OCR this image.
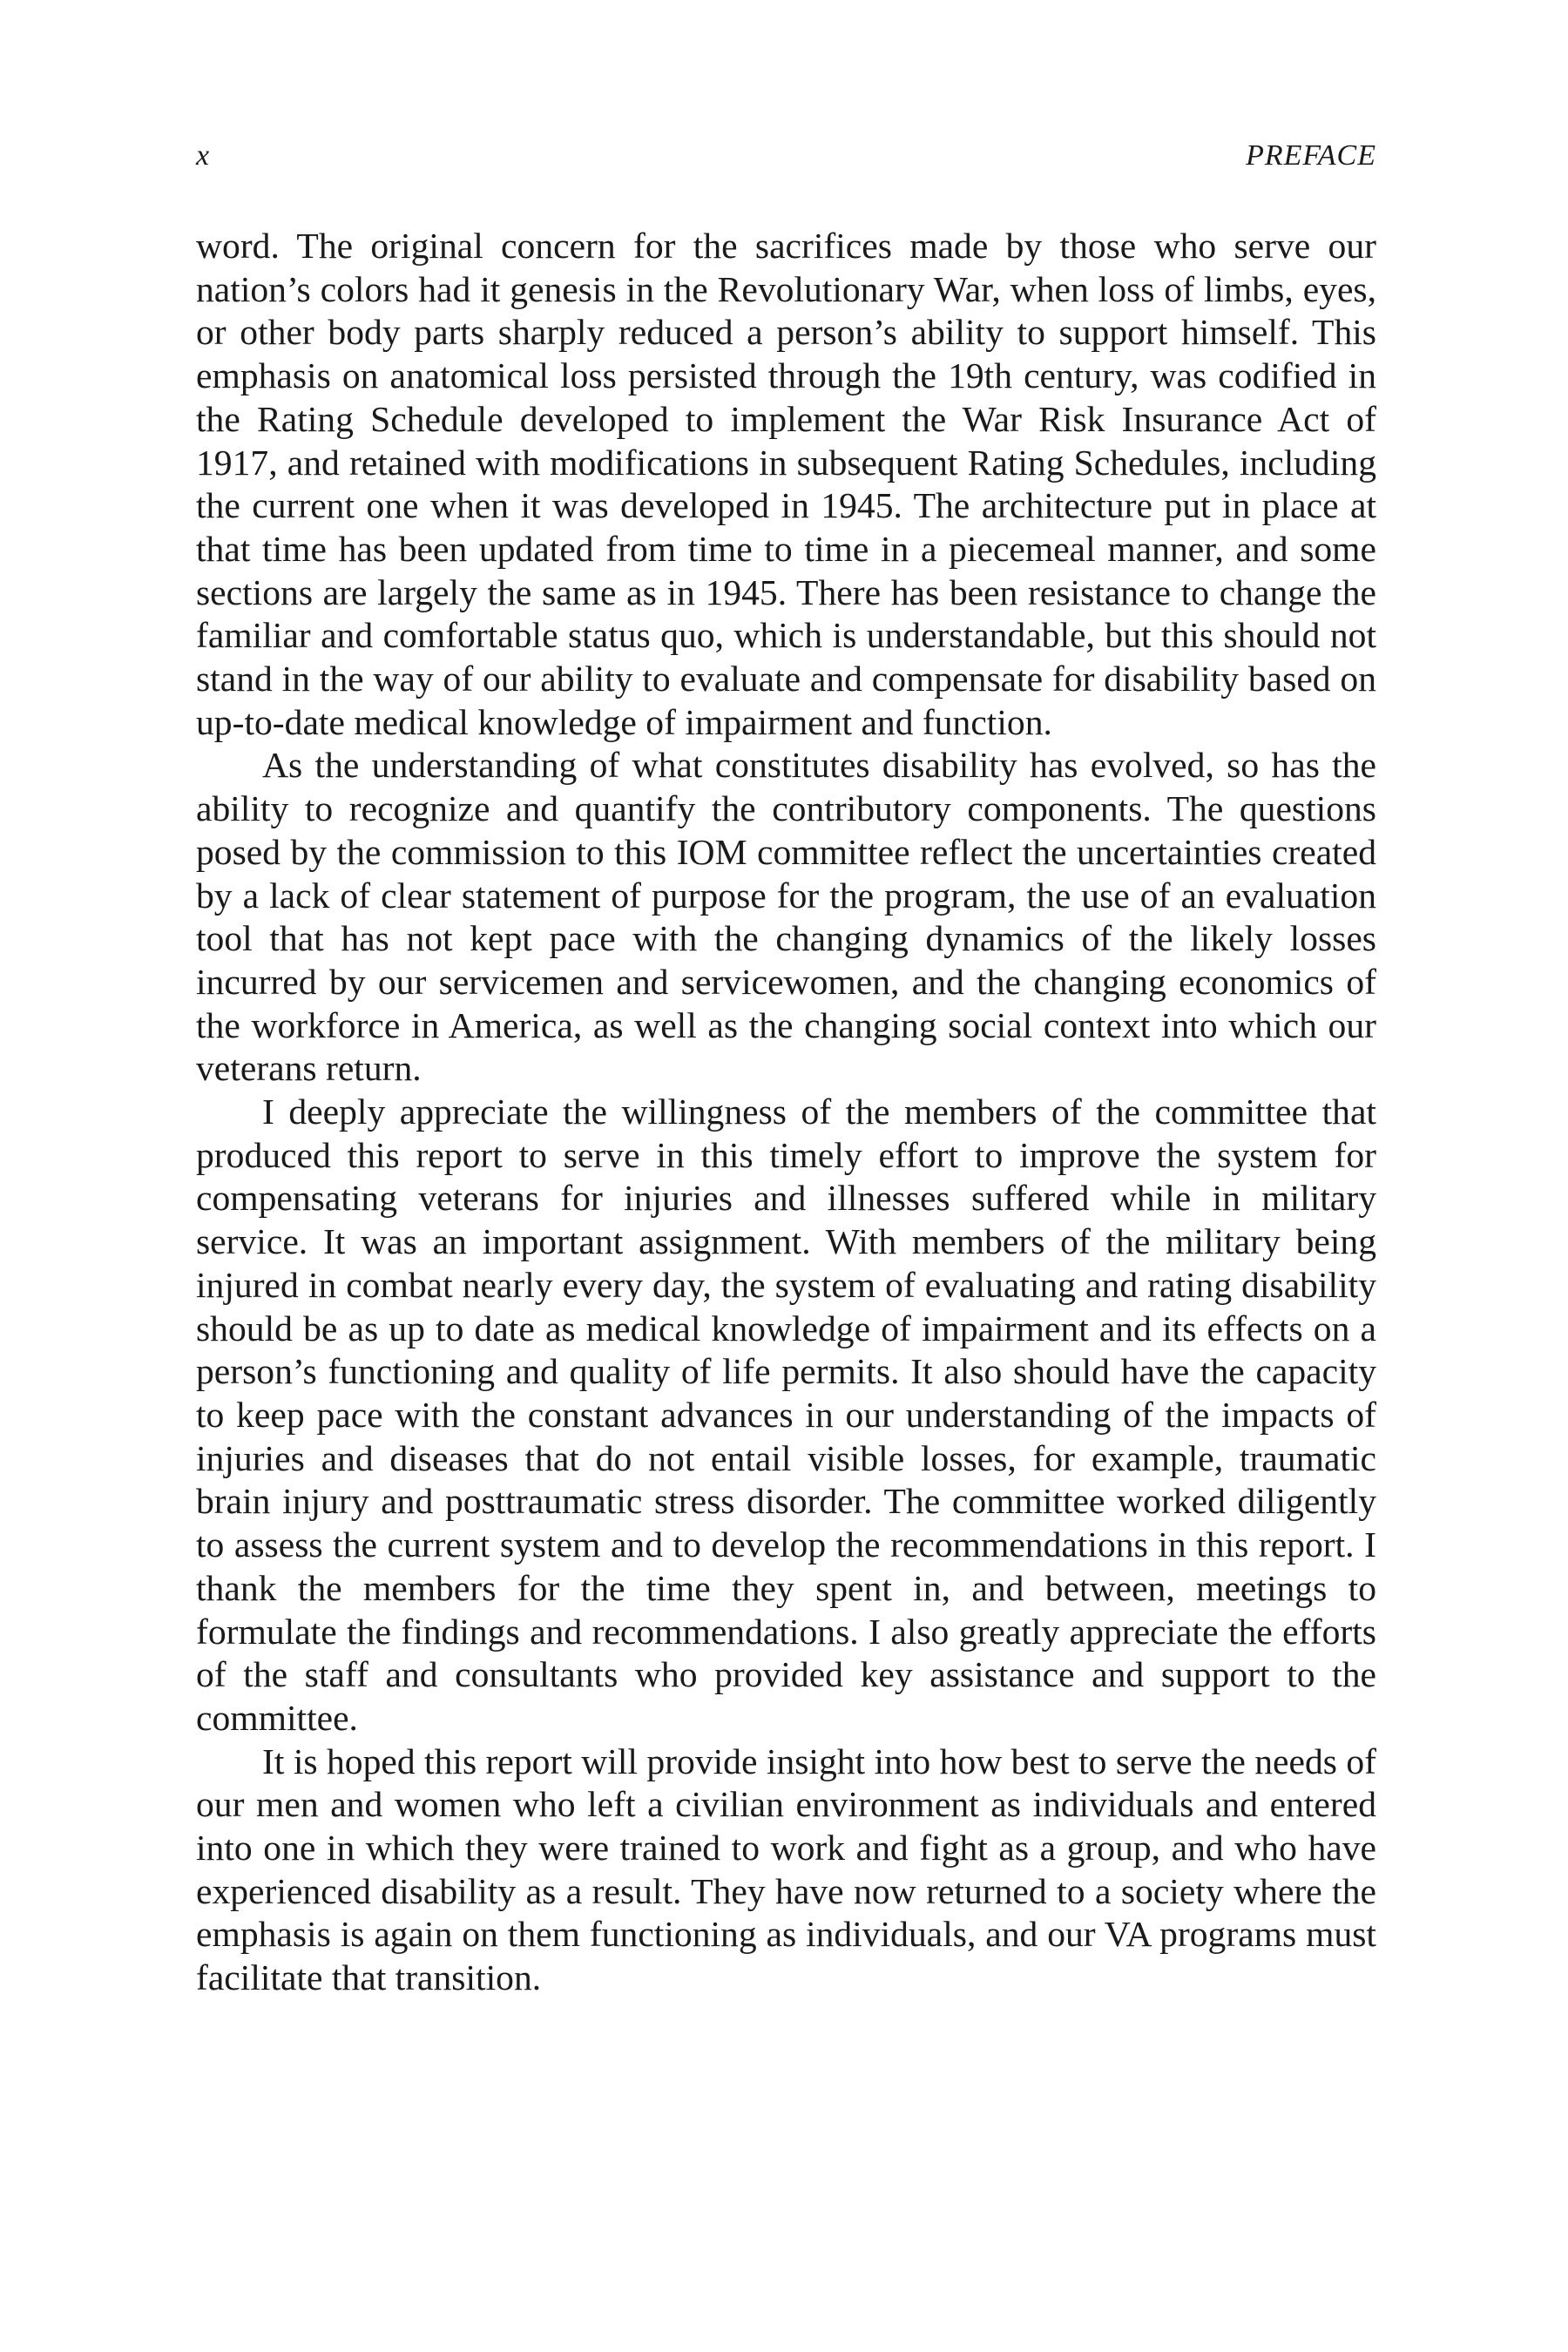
x	PREFACE

word. The original concern for the sacrifices made by those who serve our nation’s colors had it genesis in the Revolutionary War, when loss of limbs, eyes, or other body parts sharply reduced a person’s ability to support himself. This emphasis on anatomical loss persisted through the 19th century, was codified in the Rating Schedule developed to implement the War Risk Insurance Act of 1917, and retained with modifications in subsequent Rating Schedules, including the current one when it was developed in 1945. The architecture put in place at that time has been updated from time to time in a piecemeal manner, and some sections are largely the same as in 1945. There has been resistance to change the familiar and comfortable status quo, which is understandable, but this should not stand in the way of our ability to evaluate and compensate for disability based on up-to-date medical knowledge of impairment and function.

As the understanding of what constitutes disability has evolved, so has the ability to recognize and quantify the contributory components. The questions posed by the commission to this IOM committee reflect the uncertainties created by a lack of clear statement of purpose for the program, the use of an evaluation tool that has not kept pace with the changing dynamics of the likely losses incurred by our servicemen and servicewomen, and the changing economics of the workforce in America, as well as the changing social context into which our veterans return.

I deeply appreciate the willingness of the members of the committee that produced this report to serve in this timely effort to improve the system for compensating veterans for injuries and illnesses suffered while in military service. It was an important assignment. With members of the military being injured in combat nearly every day, the system of evaluating and rating disability should be as up to date as medical knowledge of impairment and its effects on a person’s functioning and quality of life permits. It also should have the capacity to keep pace with the constant advances in our understanding of the impacts of injuries and diseases that do not entail visible losses, for example, traumatic brain injury and posttraumatic stress disorder. The committee worked diligently to assess the current system and to develop the recommendations in this report. I thank the members for the time they spent in, and between, meetings to formulate the findings and recommendations. I also greatly appreciate the efforts of the staff and consultants who provided key assistance and support to the committee.

It is hoped this report will provide insight into how best to serve the needs of our men and women who left a civilian environment as individuals and entered into one in which they were trained to work and fight as a group, and who have experienced disability as a result. They have now returned to a society where the emphasis is again on them functioning as individuals, and our VA programs must facilitate that transition.
